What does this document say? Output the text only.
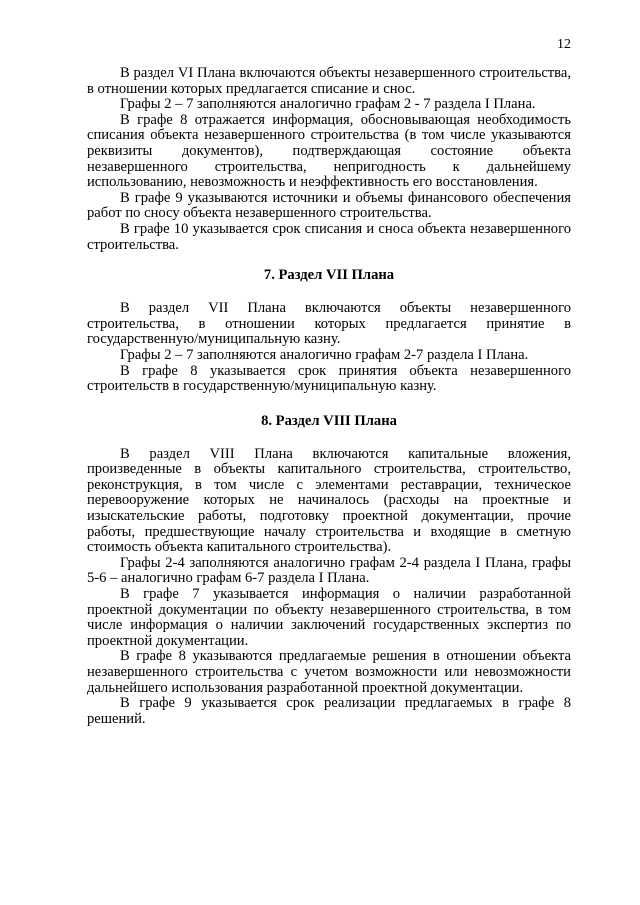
12

В раздел VI Плана включаются объекты незавершенного строительства, в отношении которых предлагается списание и снос.

Графы 2 – 7 заполняются аналогично графам 2 - 7 раздела I Плана.

В графе 8 отражается информация, обосновывающая необходимость списания объекта незавершенного строительства (в том числе указываются реквизиты документов), подтверждающая состояние объекта незавершенного строительства, непригодность к дальнейшему использованию, невозможность и неэффективность его восстановления.

В графе 9 указываются источники и объемы финансового обеспечения работ по сносу объекта незавершенного строительства.

В графе 10 указывается срок списания и сноса объекта незавершенного строительства.

7. Раздел VII Плана

В раздел VII Плана включаются объекты незавершенного строительства, в отношении которых предлагается принятие в государственную/муниципальную казну.

Графы 2 – 7 заполняются аналогично графам 2-7 раздела I Плана.

В графе 8 указывается срок принятия объекта незавершенного строительств в государственную/муниципальную казну.

8. Раздел VIII Плана

В раздел VIII Плана включаются капитальные вложения, произведенные в объекты капитального строительства, строительство, реконструкция, в том числе с элементами реставрации, техническое перевооружение которых не начиналось (расходы на проектные и изыскательские работы, подготовку проектной документации, прочие работы, предшествующие началу строительства и входящие в сметную стоимость объекта капитального строительства).

Графы 2-4 заполняются аналогично графам 2-4 раздела I Плана, графы 5-6 – аналогично графам 6-7 раздела I Плана.

В графе 7 указывается информация о наличии разработанной проектной документации по объекту незавершенного строительства, в том числе информация о наличии заключений государственных экспертиз по проектной документации.

В графе 8 указываются предлагаемые решения в отношении объекта незавершенного строительства с учетом возможности или невозможности дальнейшего использования разработанной проектной документации.

В графе 9 указывается срок реализации предлагаемых в графе 8 решений.
